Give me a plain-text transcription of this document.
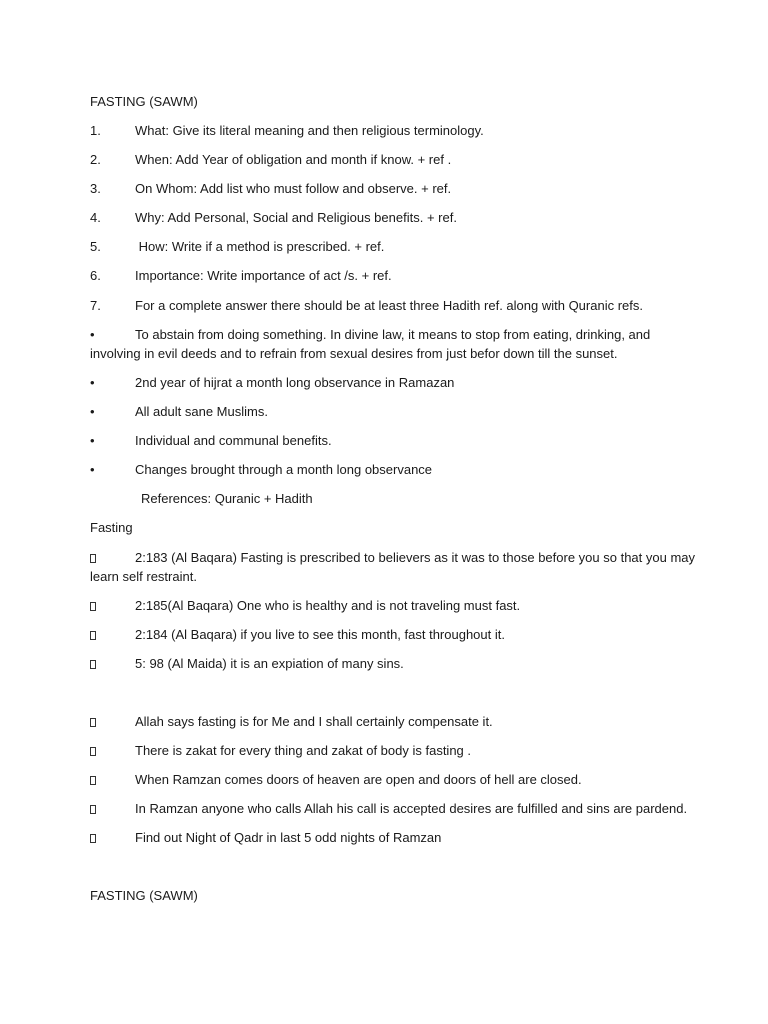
FASTING (SAWM)
1.	What: Give its literal meaning and then religious terminology.
2.	When: Add Year of obligation and month if know. + ref .
3.	On Whom: Add list who must follow and observe. + ref.
4.	Why: Add Personal, Social and Religious benefits. + ref.
5.	How: Write if a method is prescribed. + ref.
6.	Importance: Write importance of act /s. + ref.
7.	For a complete answer there should be at least three Hadith ref. along with Quranic refs.
•	To abstain from doing something. In divine law, it means to stop from eating, drinking, and
involving in evil deeds and to refrain from sexual desires from just befor down till the sunset.
•	2nd year of hijrat a month long observance in Ramazan
•	All adult sane Muslims.
•	Individual and communal benefits.
•	Changes brought through a month long observance
References: Quranic + Hadith
Fasting
2:183 (Al Baqara) Fasting is prescribed to believers as it was to those before you so that you may
learn self restraint.
2:185(Al Baqara) One who is healthy and is not traveling must fast.
2:184 (Al Baqara) if you live to see this month, fast throughout it.
5: 98 (Al Maida) it is an expiation of many sins.
Allah says fasting is for Me and I shall certainly compensate it.
There is zakat for every thing and zakat of body is fasting .
When Ramzan comes doors of heaven are open and doors of hell are closed.
In Ramzan anyone who calls Allah his call is accepted desires are fulfilled and sins are pardend.
Find out Night of Qadr in last 5 odd nights of Ramzan
FASTING (SAWM)
